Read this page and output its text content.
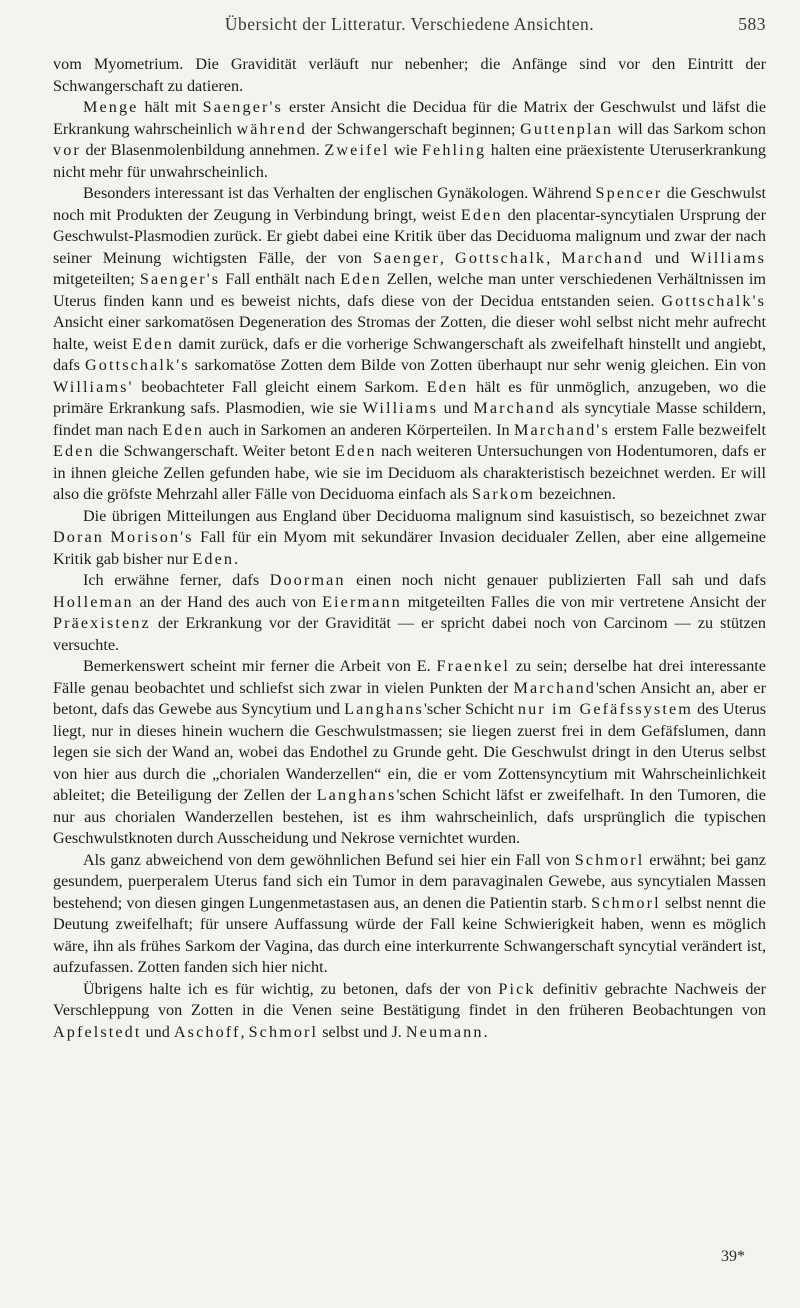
Übersicht der Litteratur. Verschiedene Ansichten.	583

vom Myometrium. Die Gravidität verläuft nur nebenher; die Anfänge sind vor den Eintritt der Schwangerschaft zu datieren.

Menge hält mit Saenger's erster Ansicht die Decidua für die Matrix der Geschwulst und läfst die Erkrankung wahrscheinlich während der Schwangerschaft beginnen; Guttenplan will das Sarkom schon vor der Blasenmolenbildung annehmen. Zweifel wie Fehling halten eine präexistente Uteruserkrankung nicht mehr für unwahrscheinlich.

Besonders interessant ist das Verhalten der englischen Gynäkologen. Während Spencer die Geschwulst noch mit Produkten der Zeugung in Verbindung bringt, weist Eden den placentar-syncytialen Ursprung der Geschwulst-Plasmodien zurück. Er giebt dabei eine Kritik über das Deciduoma malignum und zwar der nach seiner Meinung wichtigsten Fälle, der von Saenger, Gottschalk, Marchand und Williams mitgeteilten; Saenger's Fall enthält nach Eden Zellen, welche man unter verschiedenen Verhältnissen im Uterus finden kann und es beweist nichts, dafs diese von der Decidua entstanden seien. Gottschalk's Ansicht einer sarkomatösen Degeneration des Stromas der Zotten, die dieser wohl selbst nicht mehr aufrecht halte, weist Eden damit zurück, dafs er die vorherige Schwangerschaft als zweifelhaft hinstellt und angiebt, dafs Gottschalk's sarkomatöse Zotten dem Bilde von Zotten überhaupt nur sehr wenig gleichen. Ein von Williams' beobachteter Fall gleicht einem Sarkom. Eden hält es für unmöglich, anzugeben, wo die primäre Erkrankung safs. Plasmodien, wie sie Williams und Marchand als syncytiale Masse schildern, findet man nach Eden auch in Sarkomen an anderen Körperteilen. In Marchand's erstem Falle bezweifelt Eden die Schwangerschaft. Weiter betont Eden nach weiteren Untersuchungen von Hodentumoren, dafs er in ihnen gleiche Zellen gefunden habe, wie sie im Deciduom als charakteristisch bezeichnet werden. Er will also die gröfste Mehrzahl aller Fälle von Deciduoma einfach als Sarkom bezeichnen.

Die übrigen Mitteilungen aus England über Deciduoma malignum sind kasuistisch, so bezeichnet zwar Doran Morison's Fall für ein Myom mit sekundärer Invasion decidualer Zellen, aber eine allgemeine Kritik gab bisher nur Eden.

Ich erwähne ferner, dafs Doorman einen noch nicht genauer publizierten Fall sah und dafs Holleman an der Hand des auch von Eiermann mitgeteilten Falles die von mir vertretene Ansicht der Präexistenz der Erkrankung vor der Gravidität — er spricht dabei noch von Carcinom — zu stützen versuchte.

Bemerkenswert scheint mir ferner die Arbeit von E. Fraenkel zu sein; derselbe hat drei interessante Fälle genau beobachtet und schliefst sich zwar in vielen Punkten der Marchand'schen Ansicht an, aber er betont, dafs das Gewebe aus Syncytium und Langhans'scher Schicht nur im Gefäfssystem des Uterus liegt, nur in dieses hinein wuchern die Geschwulstmassen; sie liegen zuerst frei in dem Gefäfslumen, dann legen sie sich der Wand an, wobei das Endothel zu Grunde geht. Die Geschwulst dringt in den Uterus selbst von hier aus durch die „chorialen Wanderzellen“ ein, die er vom Zottensyncytium mit Wahrscheinlichkeit ableitet; die Beteiligung der Zellen der Langhans'schen Schicht läfst er zweifelhaft. In den Tumoren, die nur aus chorialen Wanderzellen bestehen, ist es ihm wahrscheinlich, dafs ursprünglich die typischen Geschwulstknoten durch Ausscheidung und Nekrose vernichtet wurden.

Als ganz abweichend von dem gewöhnlichen Befund sei hier ein Fall von Schmorl erwähnt; bei ganz gesundem, puerperalem Uterus fand sich ein Tumor in dem paravaginalen Gewebe, aus syncytialen Massen bestehend; von diesen gingen Lungenmetastasen aus, an denen die Patientin starb. Schmorl selbst nennt die Deutung zweifelhaft; für unsere Auffassung würde der Fall keine Schwierigkeit haben, wenn es möglich wäre, ihn als frühes Sarkom der Vagina, das durch eine interkurrente Schwangerschaft syncytial verändert ist, aufzufassen. Zotten fanden sich hier nicht.

Übrigens halte ich es für wichtig, zu betonen, dafs der von Pick definitiv gebrachte Nachweis der Verschleppung von Zotten in die Venen seine Bestätigung findet in den früheren Beobachtungen von Apfelstedt und Aschoff, Schmorl selbst und J. Neumann.

39*
